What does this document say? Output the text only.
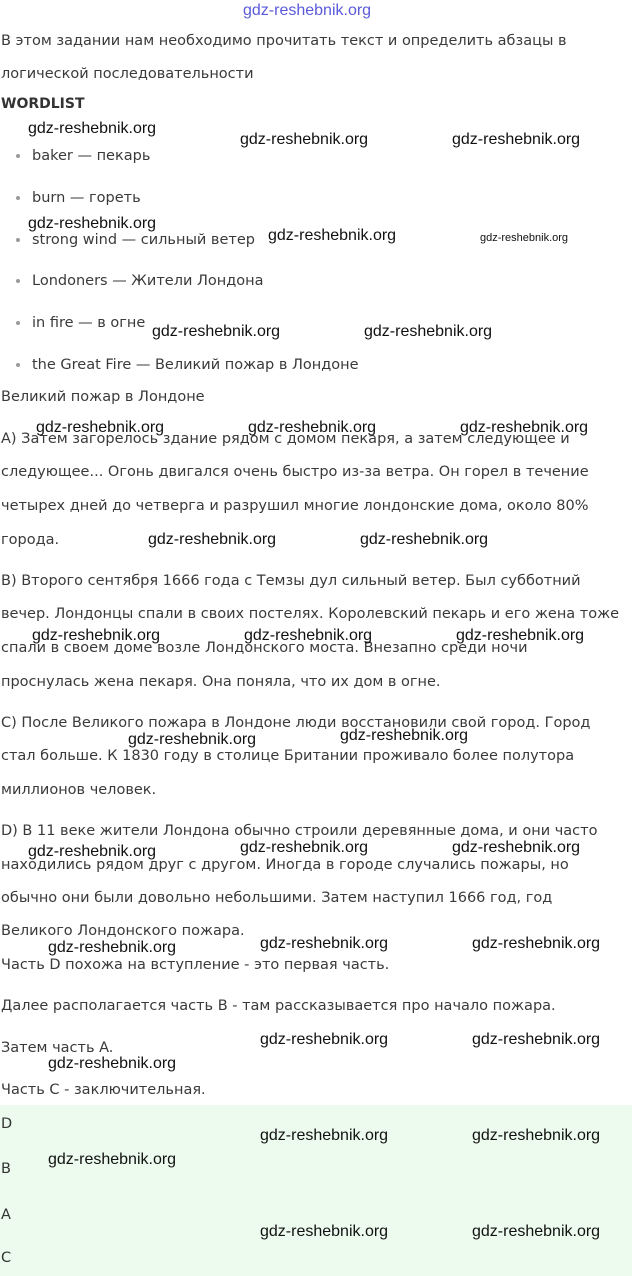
gdz-reshebnik.org
В этом задании нам необходимо прочитать текст и определить абзацы в
логической последовательности
WORDLIST
baker — пекарь
burn — гореть
strong wind — сильный ветер
Londoners — Жители Лондона
in fire — в огне
the Great Fire — Великий пожар в Лондоне
Великий пожар в Лондоне
A) Затем загорелось здание рядом с домом пекаря, а затем следующее и
следующее... Огонь двигался очень быстро из-за ветра. Он горел в течение
четырех дней до четверга и разрушил многие лондонские дома, около 80%
города.
B) Второго сентября 1666 года с Темзы дул сильный ветер. Был субботний
вечер. Лондонцы спали в своих постелях. Королевский пекарь и его жена тоже
спали в своем доме возле Лондонского моста. Внезапно среди ночи
проснулась жена пекаря. Она поняла, что их дом в огне.
C) После Великого пожара в Лондоне люди восстановили свой город. Город
стал больше. К 1830 году в столице Британии проживало более полутора
миллионов человек.
D) В 11 веке жители Лондона обычно строили деревянные дома, и они часто
находились рядом друг с другом. Иногда в городе случались пожары, но
обычно они были довольно небольшими. Затем наступил 1666 год, год
Великого Лондонского пожара.
Часть D похожа на вступление - это первая часть.
Далее располагается часть B - там рассказывается про начало пожара.
Затем часть A.
Часть C - заключительная.
D
B
A
C
gdz-reshebnik.org
gdz-reshebnik.org	gdz-reshebnik.org
gdz-reshebnik.org
gdz-reshebnik.org	gdz-reshebnik.org
gdz-reshebnik.org	gdz-reshebnik.org
gdz-reshebnik.org	gdz-reshebnik.org	gdz-reshebnik.org
gdz-reshebnik.org	gdz-reshebnik.org
gdz-reshebnik.org	gdz-reshebnik.org	gdz-reshebnik.org
gdz-reshebnik.org	gdz-reshebnik.org
gdz-reshebnik.org	gdz-reshebnik.org	gdz-reshebnik.org
gdz-reshebnik.org	gdz-reshebnik.org	gdz-reshebnik.org
gdz-reshebnik.org	gdz-reshebnik.org
gdz-reshebnik.org
gdz-reshebnik.org	gdz-reshebnik.org
gdz-reshebnik.org
gdz-reshebnik.org	gdz-reshebnik.org
